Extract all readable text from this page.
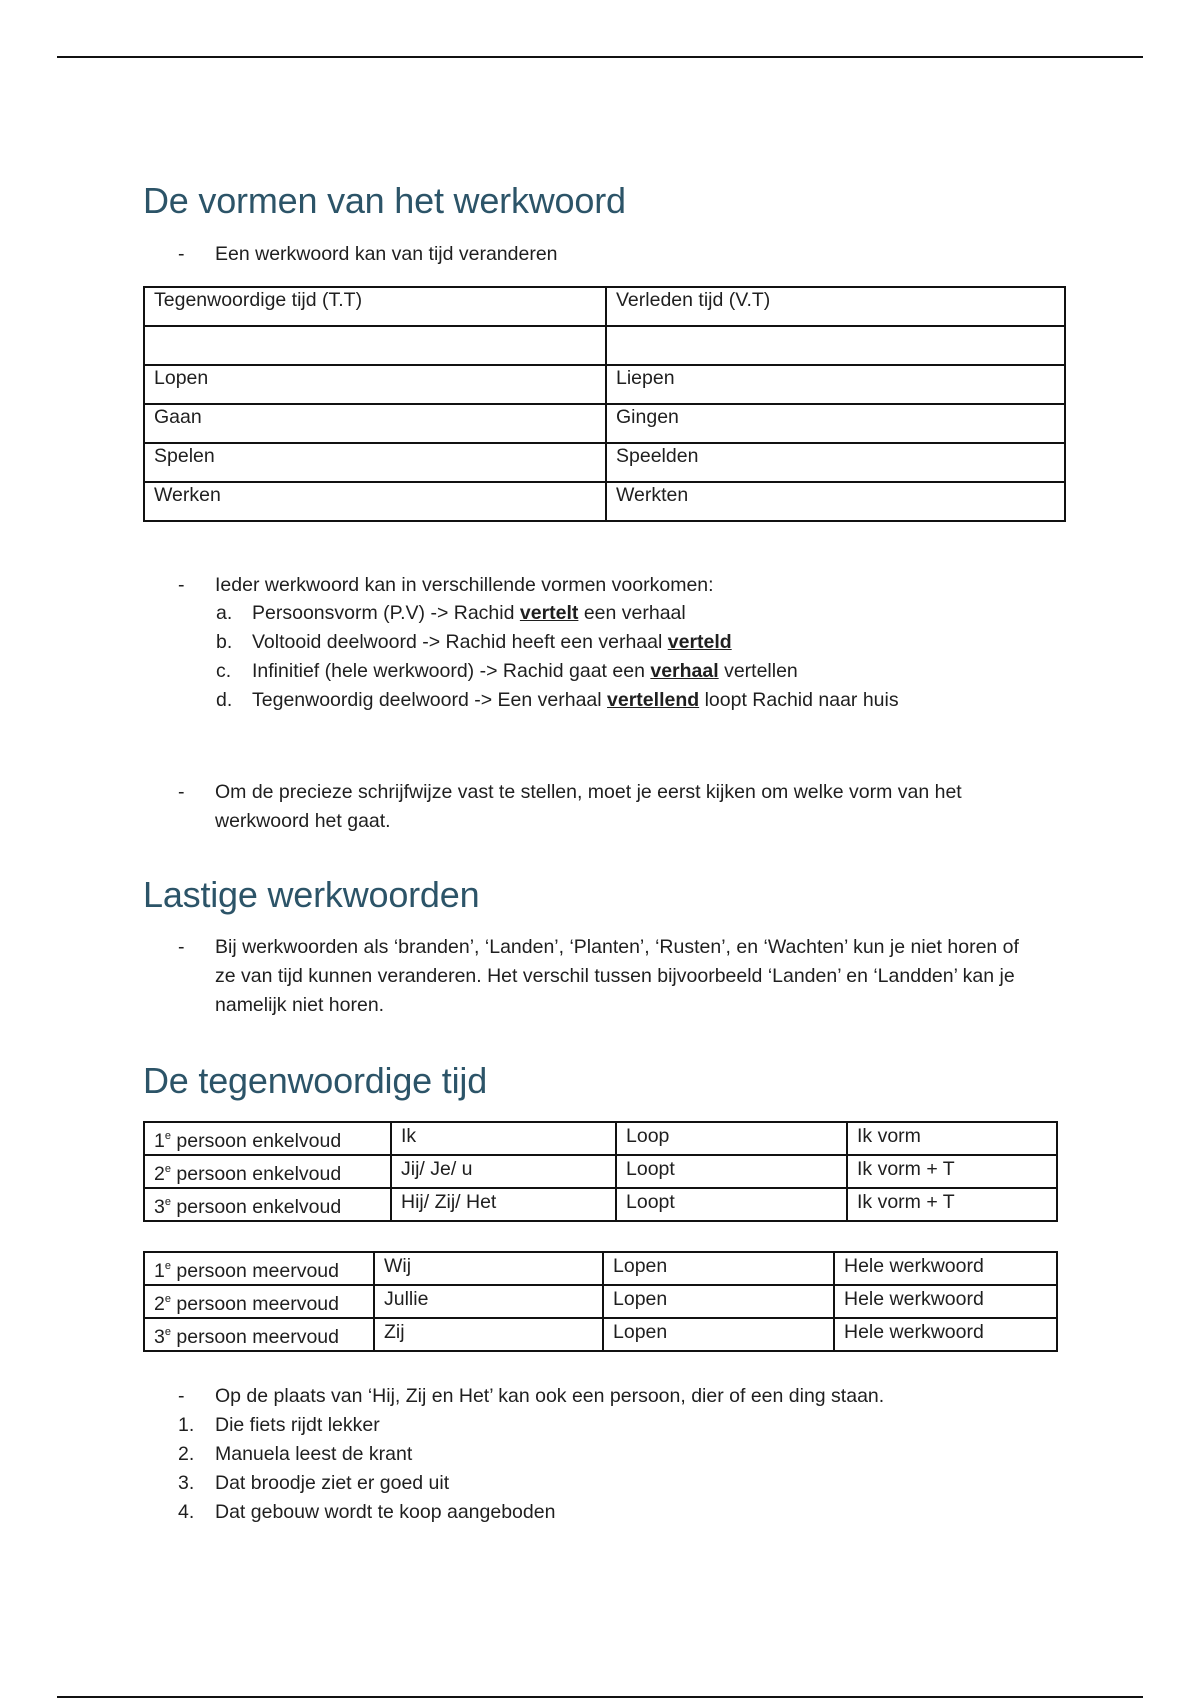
De vormen van het werkwoord
- Een werkwoord kan van tijd veranderen
Tegenwoordige tijd (T.T)	Verleden tijd (V.T)

Lopen	Liepen
Gaan	Gingen
Spelen	Speelden
Werken	Werkten
- Ieder werkwoord kan in verschillende vormen voorkomen:
a. Persoonsvorm (P.V) -> Rachid vertelt een verhaal
b. Voltooid deelwoord -> Rachid heeft een verhaal verteld
c. Infinitief (hele werkwoord) -> Rachid gaat een verhaal vertellen
d. Tegenwoordig deelwoord -> Een verhaal vertellend loopt Rachid naar huis
- Om de precieze schrijfwijze vast te stellen, moet je eerst kijken om welke vorm van het werkwoord het gaat.
Lastige werkwoorden
- Bij werkwoorden als ‘branden’, ‘Landen’, ‘Planten’, ‘Rusten’, en ‘Wachten’ kun je niet horen of ze van tijd kunnen veranderen. Het verschil tussen bijvoorbeeld ‘Landen’ en ‘Landden’ kan je namelijk niet horen.
De tegenwoordige tijd
1e persoon enkelvoud	Ik	Loop	Ik vorm
2e persoon enkelvoud	Jij/ Je/ u	Loopt	Ik vorm + T
3e persoon enkelvoud	Hij/ Zij/ Het	Loopt	Ik vorm + T
1e persoon meervoud	Wij	Lopen	Hele werkwoord
2e persoon meervoud	Jullie	Lopen	Hele werkwoord
3e persoon meervoud	Zij	Lopen	Hele werkwoord
- Op de plaats van ‘Hij, Zij en Het’ kan ook een persoon, dier of een ding staan.
1. Die fiets rijdt lekker
2. Manuela leest de krant
3. Dat broodje ziet er goed uit
4. Dat gebouw wordt te koop aangeboden
